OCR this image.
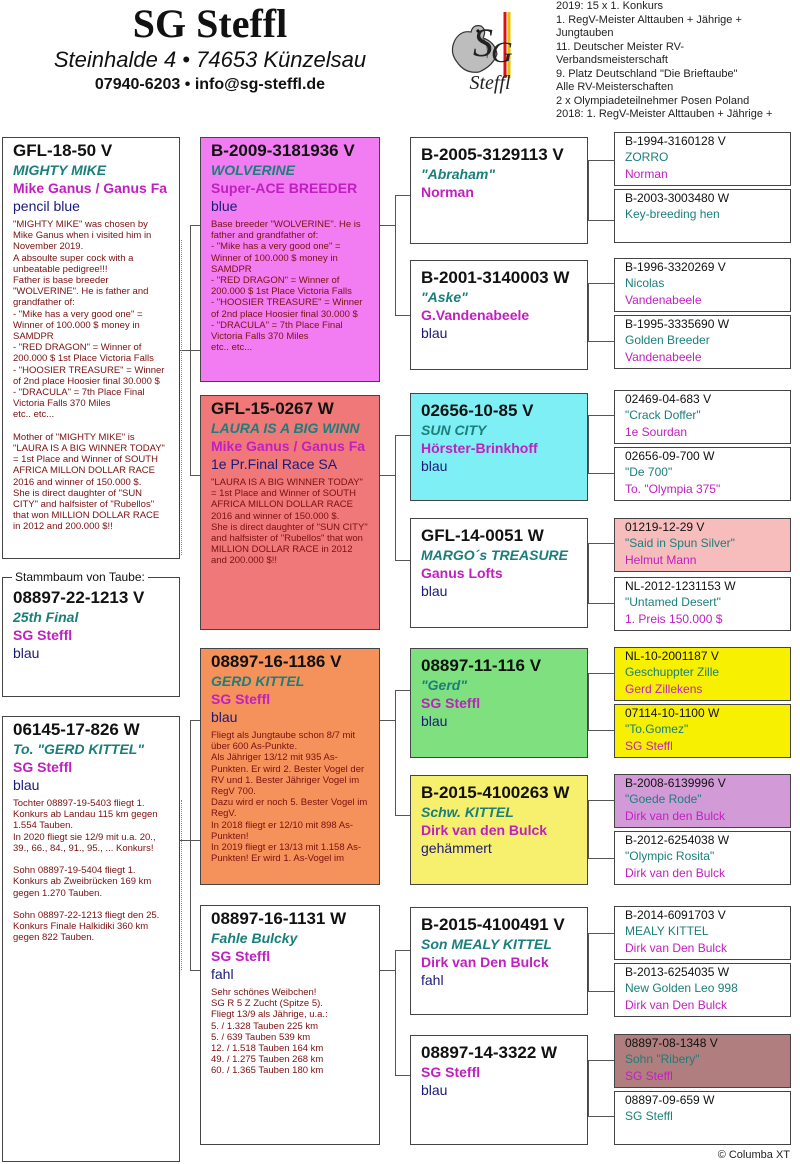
SG Steffl
Steinhalde 4 • 74653 Künzelsau
07940-6203 • info@sg-steffl.de
S
G
Steffl
2019: 15 x 1. Konkurs
1. RegV-Meister Alttauben + Jährige +
Jungtauben
11. Deutscher Meister RV-
Verbandsmeisterschaft
9. Platz Deutschland "Die Brieftaube"
Alle RV-Meisterschaften
2 x Olympiadeteilnehmer Posen Poland
2018: 1. RegV-Meister Alttauben + Jährige +
GFL-18-50 V
MIGHTY MIKE
Mike Ganus / Ganus Fa
pencil blue
"MIGHTY MIKE" was chosen by Mike Ganus when i visited him in November 2019.
A absoulte super cock with a unbeatable pedigree!!!
Father is base breeder "WOLVERINE". He is father and grandfather of:
- "Mike has a very good one" = Winner of 100.000 $ money in SAMDPR
- "RED DRAGON" = Winner of 200.000 $ 1st Place Victoria Falls
- "HOOSIER TREASURE" = Winner of 2nd place Hoosier final 30.000 $
- "DRACULA" = 7th Place Final Victoria Falls 370 Miles
etc.. etc...

Mother of "MIGHTY MIKE" is "LAURA IS A BIG WINNER TODAY" = 1st Place and Winner of SOUTH AFRICA MILLON DOLLAR RACE 2016 and winner of 150.000 $.
She is direct daughter of "SUN CITY" and halfsister of "Rubellos" that won MILLION DOLLAR RACE in 2012 and 200.000 $!!
Stammbaum von Taube:
08897-22-1213 V
25th Final
SG Steffl
blau
06145-17-826 W
To. "GERD KITTEL"
SG Steffl
blau
Tochter 08897-19-5403 fliegt 1. Konkurs ab Landau 115 km gegen 1.554 Tauben.
In 2020 fliegt sie 12/9 mit u.a. 20., 39., 66., 84., 91., 95., ... Konkurs!

Sohn 08897-19-5404 fliegt 1. Konkurs ab Zweibrücken 169 km gegen 1.270 Tauben.

Sohn 08897-22-1213 fliegt den 25. Konkurs Finale Halkidiki 360 km gegen 822 Tauben.
B-2009-3181936 V
WOLVERINE
Super-ACE BREEDER
blue
Base breeder "WOLVERINE". He is father and grandfather of:
- "Mike has a very good one" = Winner of 100.000 $ money in SAMDPR
- "RED DRAGON" = Winner of 200.000 $ 1st Place Victoria Falls
- "HOOSIER TREASURE" = Winner of 2nd place Hoosier final 30.000 $
- "DRACULA" = 7th Place Final Victoria Falls 370 Miles
etc.. etc...
GFL-15-0267 W
LAURA IS A BIG WINN
Mike Ganus / Ganus Fa
1e Pr.Final Race SA
"LAURA IS A BIG WINNER TODAY" = 1st Place and Winner of SOUTH AFRICA MILLON DOLLAR RACE 2016 and winner of 150.000 $.
She is direct daughter of "SUN CITY" and halfsister of "Rubellos" that won MILLION DOLLAR RACE in 2012 and 200.000 $!!
08897-16-1186 V
GERD KITTEL
SG Steffl
blau
Fliegt als Jungtaube schon 8/7 mit über 600 As-Punkte.
Als Jähriger 13/12 mit 935 As-Punkten. Er wird 2. Bester Vogel der RV und 1. Bester Jähriger Vogel im RegV 700.
Dazu wird er noch 5. Bester Vogel im RegV.
In 2018 fliegt er 12/10 mit 898 As-Punkten!
In 2019 fliegt er 13/13 mit 1.158 As-Punkten! Er wird 1. As-Vogel im
08897-16-1131 W
Fahle Bulcky
SG Steffl
fahl
Sehr schönes Weibchen!
SG R 5 Z Zucht (Spitze 5).
Fliegt 13/9 als Jährige, u.a.:
5. / 1.328 Tauben 225 km
5. / 639 Tauben 539 km
12. / 1.518 Tauben 164 km
49. / 1.275 Tauben 268 km
60. / 1.365 Tauben 180 km
B-2005-3129113 V
"Abraham"
Norman
B-2001-3140003 W
"Aske"
G.Vandenabeele
blau
02656-10-85 V
SUN CITY
Hörster-Brinkhoff
blau
GFL-14-0051 W
MARGO´s TREASURE
Ganus Lofts
blau
08897-11-116 V
"Gerd"
SG Steffl
blau
B-2015-4100263 W
Schw. KITTEL
Dirk van den Bulck
gehämmert
B-2015-4100491 V
Son MEALY KITTEL
Dirk van Den Bulck
fahl
08897-14-3322 W
SG Steffl
blau
B-1994-3160128 V
ZORRO
Norman
B-2003-3003480 W
Key-breeding hen
B-1996-3320269 V
Nicolas
Vandenabeele
B-1995-3335690 W
Golden Breeder
Vandenabeele
02469-04-683 V
"Crack Doffer"
1e Sourdan
02656-09-700 W
"De 700"
To. "Olympia 375"
01219-12-29 V
"Said in Spun Silver"
Helmut Mann
NL-2012-1231153 W
"Untamed Desert"
1. Preis 150.000 $
NL-10-2001187 V
Geschuppter Zille
Gerd Zillekens
07114-10-1100 W
"To.Gomez"
SG Steffl
B-2008-6139996 V
"Goede Rode"
Dirk van den Bulck
B-2012-6254038 W
"Olympic Rosita"
Dirk van den Bulck
B-2014-6091703 V
MEALY KITTEL
Dirk van Den Bulck
B-2013-6254035 W
New Golden Leo 998
Dirk van Den Bulck
08897-08-1348 V
Sohn "Ribery"
SG Steffl
08897-09-659 W
SG Steffl
© Columba XT
